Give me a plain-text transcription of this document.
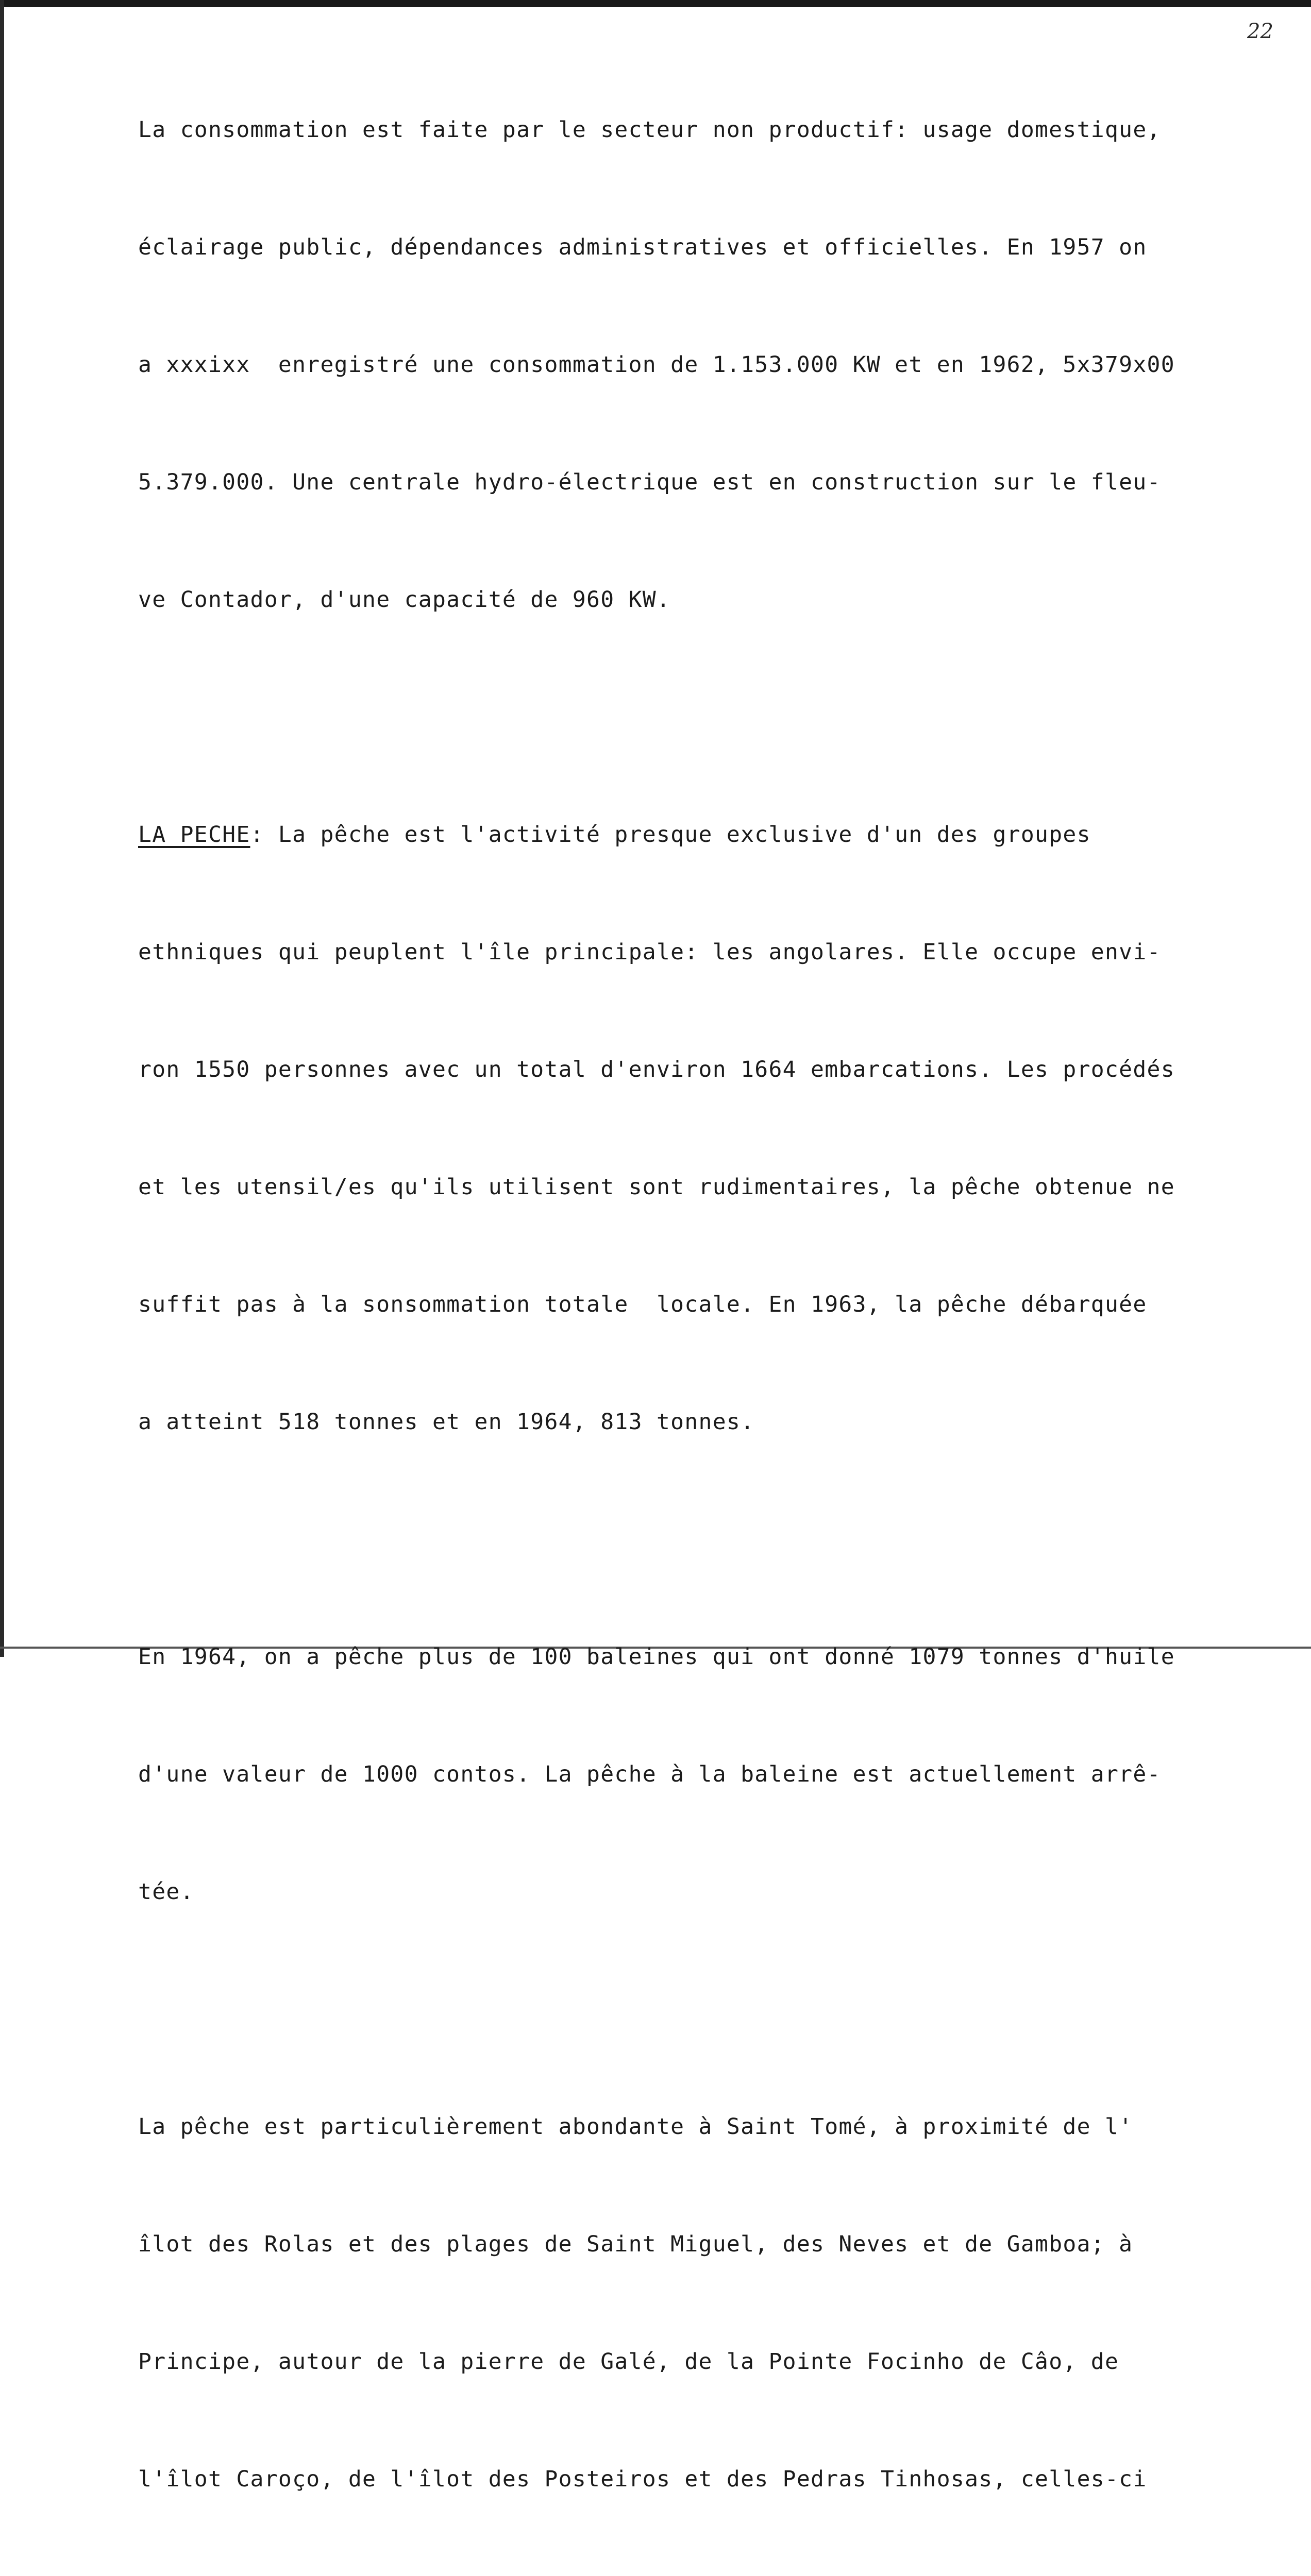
22

La consommation est faite par le secteur non productif: usage domestique,

éclairage public, dépendances administratives et officielles. En 1957 on

a xxxixx  enregistré une consommation de 1.153.000 KW et en 1962, 5x379x00

5.379.000. Une centrale hydro-électrique est en construction sur le fleu-

ve Contador, d'une capacité de 960 KW.

LA PECHE: La pêche est l'activité presque exclusive d'un des groupes

ethniques qui peuplent l'île principale: les angolares. Elle occupe envi-

ron 1550 personnes avec un total d'environ 1664 embarcations. Les procédés

et les utensil/es qu'ils utilisent sont rudimentaires, la pêche obtenue ne

suffit pas à la sonsommation totale  locale. En 1963, la pêche débarquée

a atteint 518 tonnes et en 1964, 813 tonnes.

En 1964, on a pêche plus de 100 baleines qui ont donné 1079 tonnes d'huile

d'une valeur de 1000 contos. La pêche à la baleine est actuellement arrê-

tée.

La pêche est particulièrement abondante à Saint Tomé, à proximité de l'

îlot des Rolas et des plages de Saint Miguel, des Neves et de Gamboa; à

Principe, autour de la pierre de Galé, de la Pointe Focinho de Câo, de

l'îlot Caroço, de l'îlot des Posteiros et des Pedras Tinhosas, celles-ci
